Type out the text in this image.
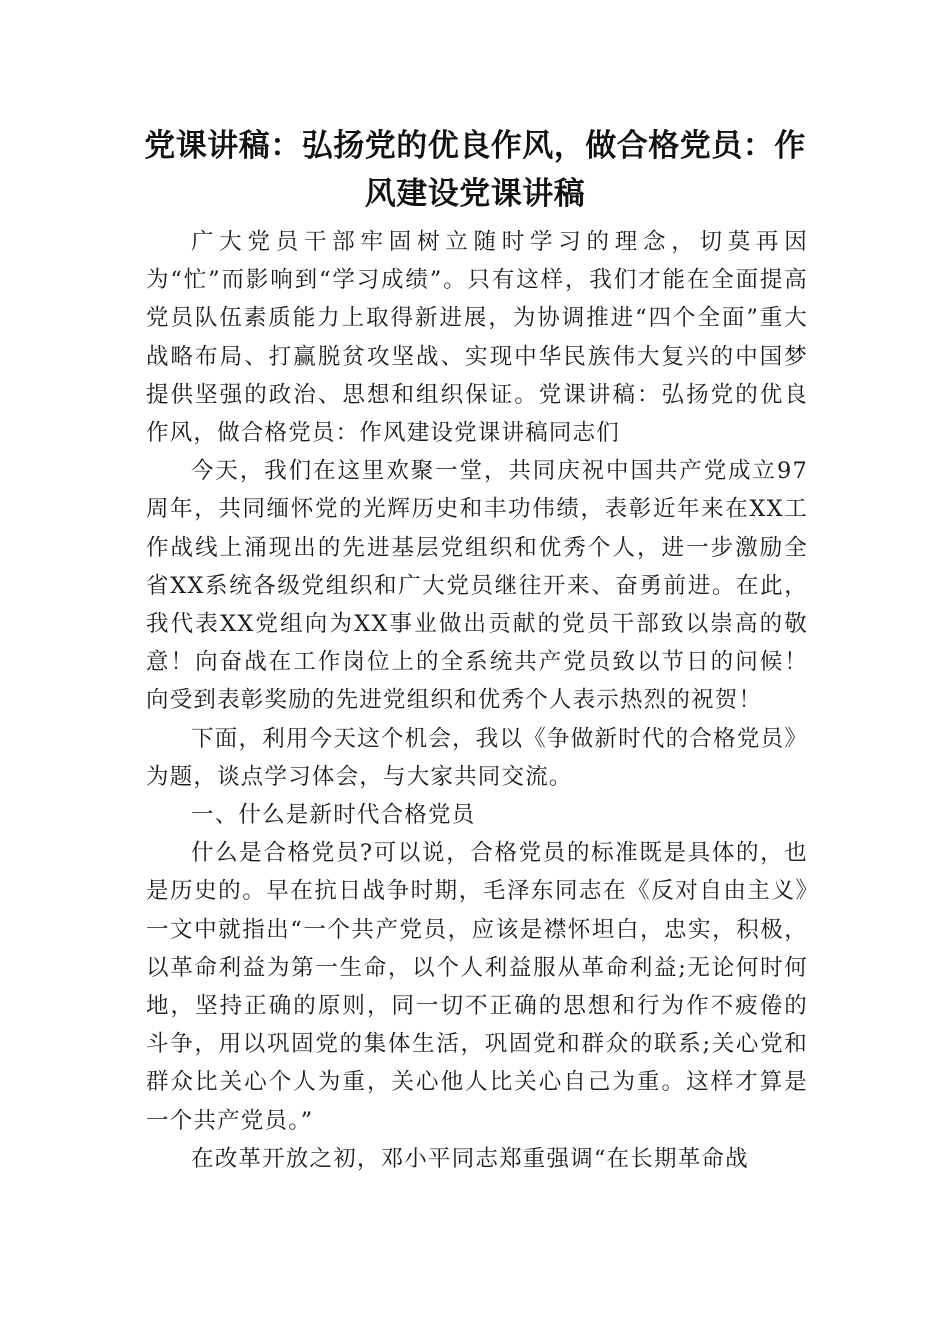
党课讲稿：弘扬党的优良作风，做合格党员：作风建设党课讲稿

广大党员干部牢固树立随时学习的理念，切莫再因为“忙”而影响到“学习成绩”。只有这样，我们才能在全面提高党员队伍素质能力上取得新进展，为协调推进“四个全面”重大战略布局、打赢脱贫攻坚战、实现中华民族伟大复兴的中国梦提供坚强的政治、思想和组织保证。党课讲稿：弘扬党的优良作风，做合格党员：作风建设党课讲稿同志们

今天，我们在这里欢聚一堂，共同庆祝中国共产党成立97周年，共同缅怀党的光辉历史和丰功伟绩，表彰近年来在XX工作战线上涌现出的先进基层党组织和优秀个人，进一步激励全省XX系统各级党组织和广大党员继往开来、奋勇前进。在此，我代表XX党组向为XX事业做出贡献的党员干部致以崇高的敬意！向奋战在工作岗位上的全系统共产党员致以节日的问候！向受到表彰奖励的先进党组织和优秀个人表示热烈的祝贺！

下面，利用今天这个机会，我以《争做新时代的合格党员》为题，谈点学习体会，与大家共同交流。

一、什么是新时代合格党员

什么是合格党员?可以说，合格党员的标准既是具体的，也是历史的。早在抗日战争时期，毛泽东同志在《反对自由主义》一文中就指出“一个共产党员，应该是襟怀坦白，忠实，积极，以革命利益为第一生命，以个人利益服从革命利益;无论何时何地，坚持正确的原则，同一切不正确的思想和行为作不疲倦的斗争，用以巩固党的集体生活，巩固党和群众的联系;关心党和群众比关心个人为重，关心他人比关心自己为重。这样才算是一个共产党员。”

在改革开放之初，邓小平同志郑重强调“在长期革命战
